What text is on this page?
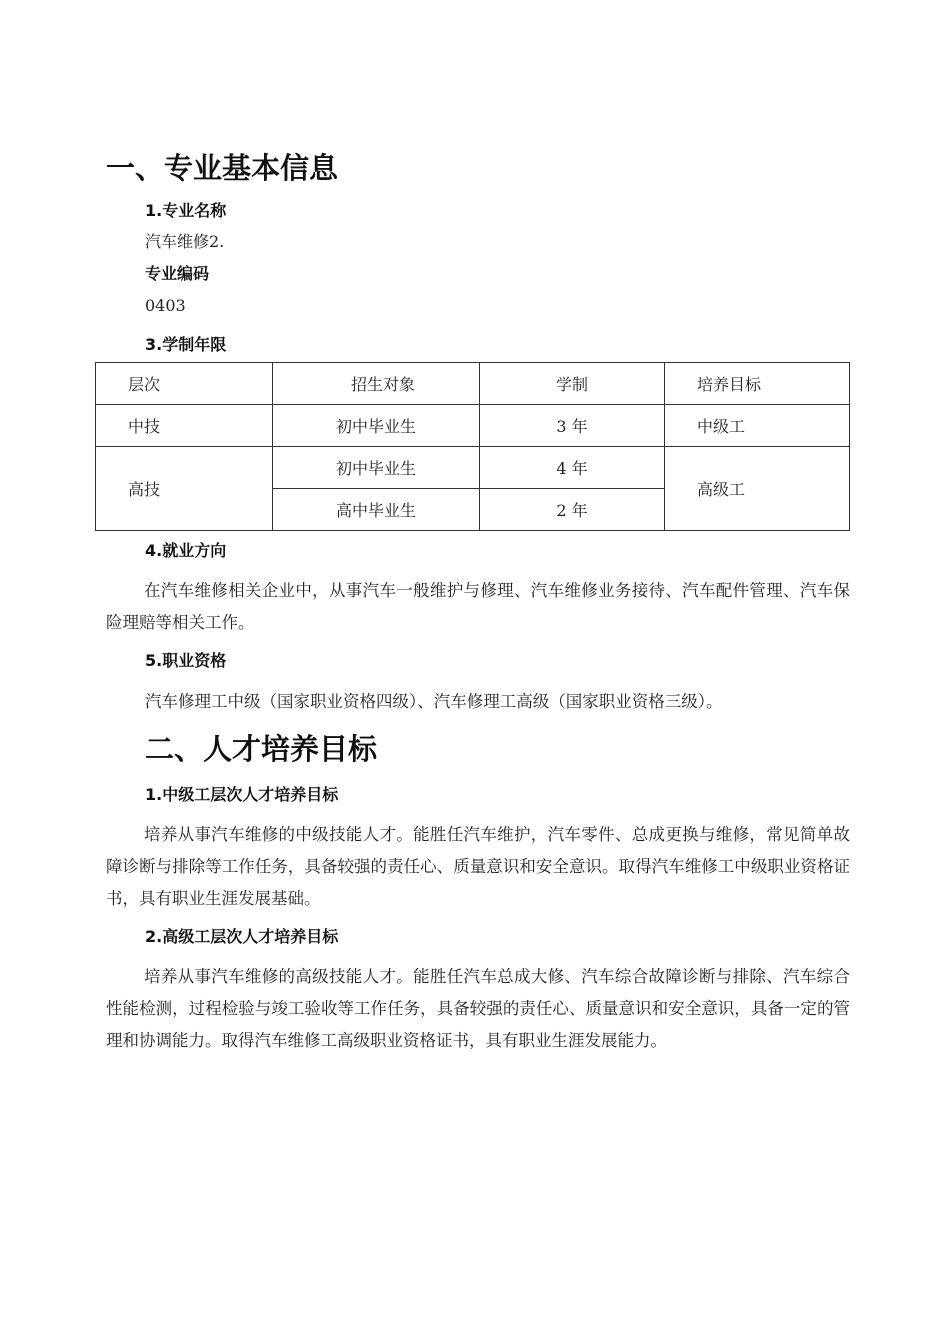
一、专业基本信息
1.专业名称
汽车维修2.
专业编码
0403
3.学制年限
层次	招生对象	学制	培养目标
中技	初中毕业生	3 年	中级工
高技	初中毕业生	4 年	高级工
	高中毕业生	2 年	
4.就业方向
在汽车维修相关企业中，从事汽车一般维护与修理、汽车维修业务接待、汽车配件管理、汽车保险理赔等相关工作。
5.职业资格
汽车修理工中级（国家职业资格四级）、汽车修理工高级（国家职业资格三级）。
二、人才培养目标
1.中级工层次人才培养目标
培养从事汽车维修的中级技能人才。能胜任汽车维护，汽车零件、总成更换与维修，常见简单故障诊断与排除等工作任务，具备较强的责任心、质量意识和安全意识。取得汽车维修工中级职业资格证书，具有职业生涯发展基础。
2.高级工层次人才培养目标
培养从事汽车维修的高级技能人才。能胜任汽车总成大修、汽车综合故障诊断与排除、汽车综合性能检测，过程检验与竣工验收等工作任务，具备较强的责任心、质量意识和安全意识，具备一定的管理和协调能力。取得汽车维修工高级职业资格证书，具有职业生涯发展能力。
